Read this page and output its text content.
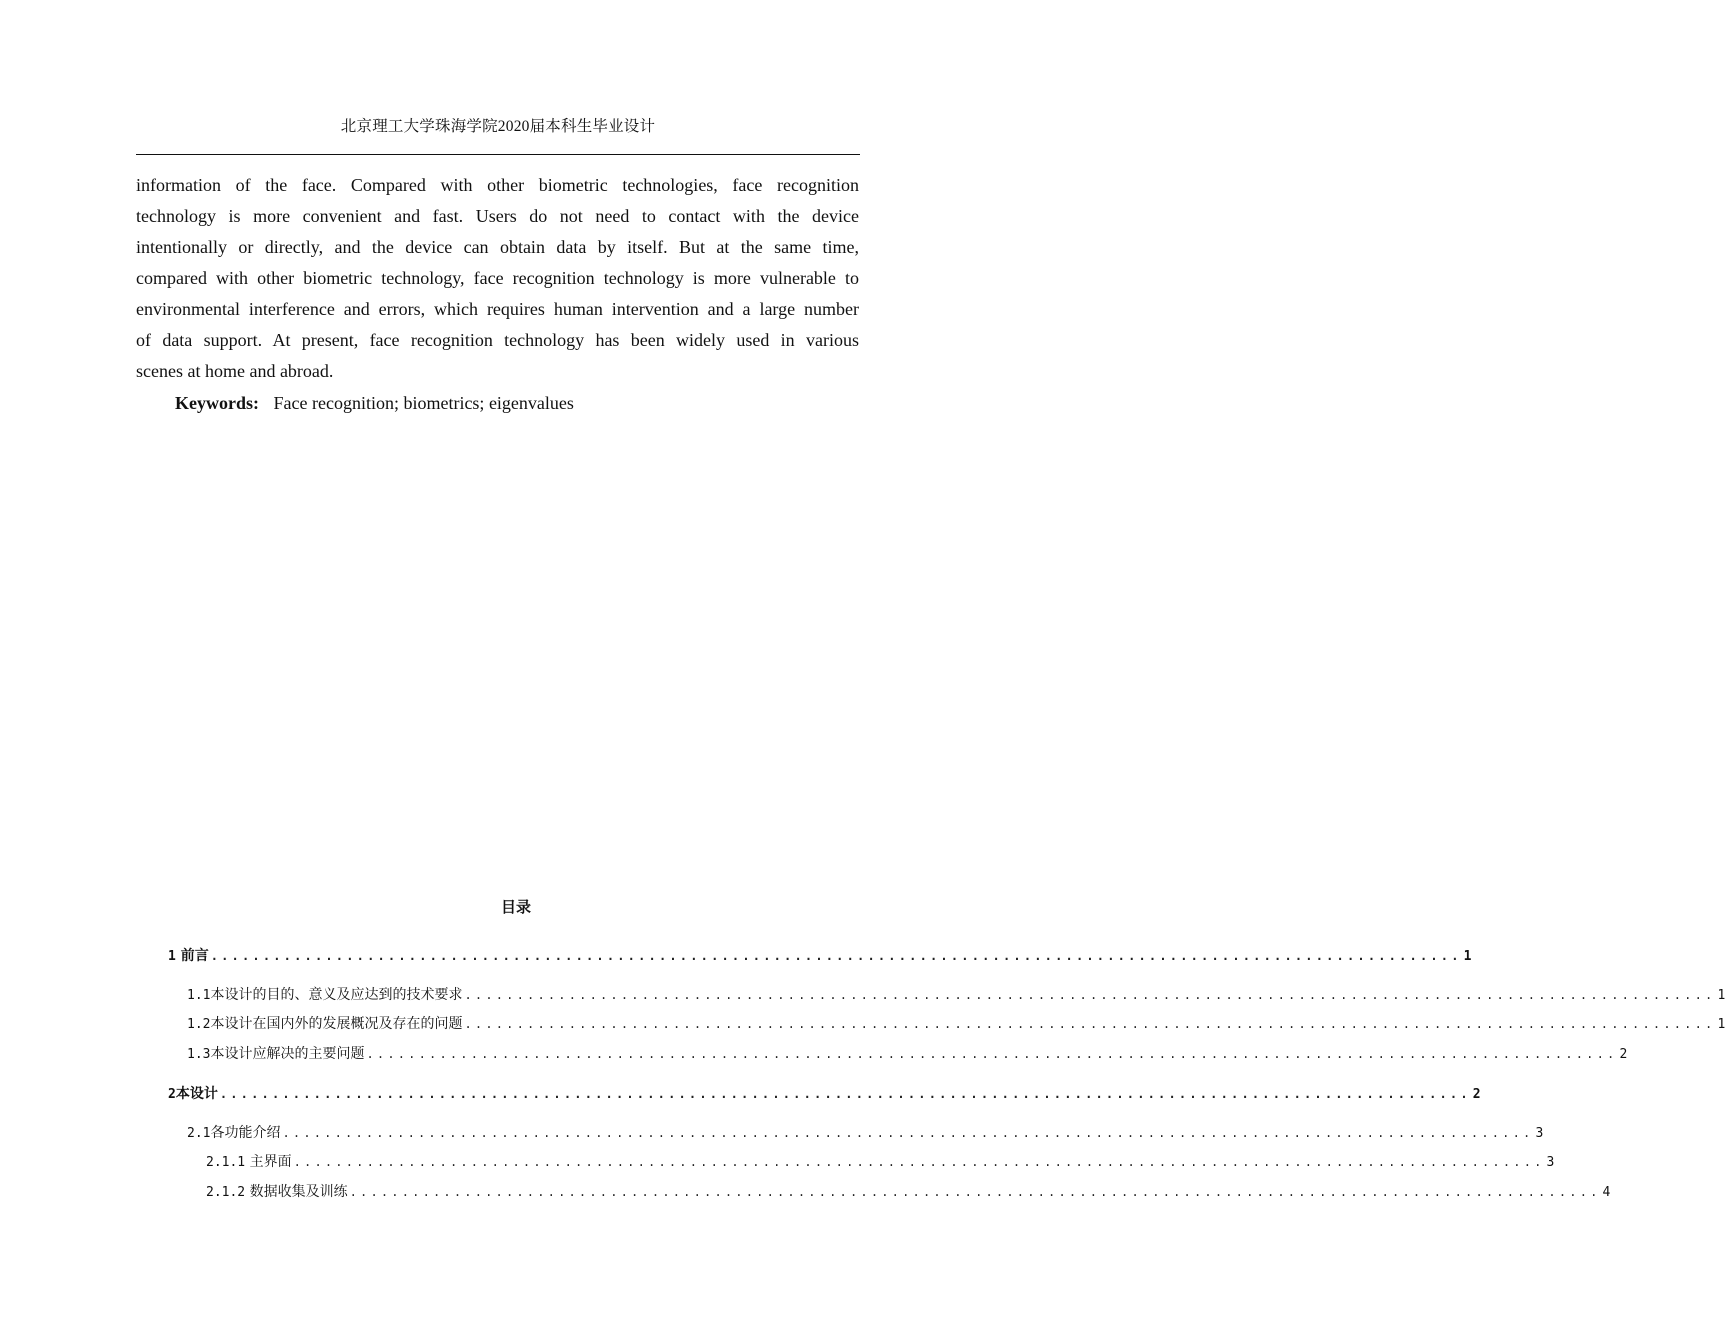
北京理工大学珠海学院2020届本科生毕业设计
information of the face. Compared with other biometric technologies, face recognition
technology is more convenient and fast. Users do not need to contact with the device
intentionally or directly, and the device can obtain data by itself. But at the same time,
compared with other biometric technology, face recognition technology is more vulnerable to
environmental interference and errors, which requires human intervention and a large number
of data support. At present, face recognition technology has been widely used in various
scenes at home and abroad.
Keywords: Face recognition; biometrics; eigenvalues
目录
1 前言 ........................................................................................................................ 1
1.1本设计的目的、意义及应达到的技术要求 ........................................................................................................................ 1
1.2本设计在国内外的发展概况及存在的问题 ........................................................................................................................ 1
1.3本设计应解决的主要问题 ........................................................................................................................ 2
2本设计 ........................................................................................................................ 2
2.1各功能介绍 ........................................................................................................................ 3
2.1.1 主界面 ........................................................................................................................ 3
2.1.2 数据收集及训练 ........................................................................................................................ 4
